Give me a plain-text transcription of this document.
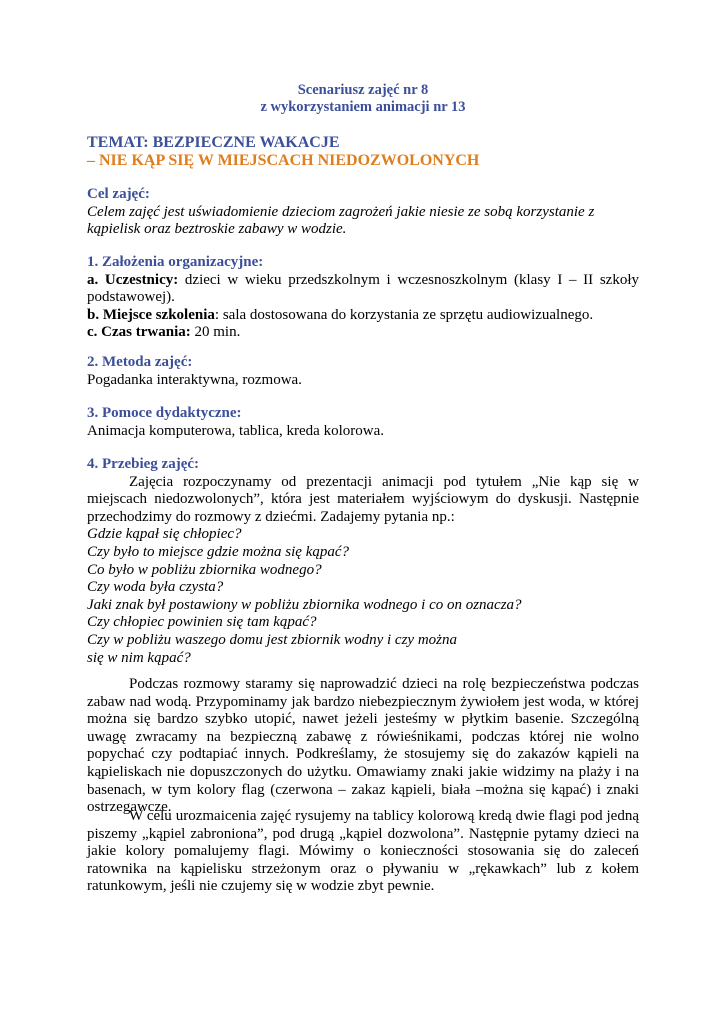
Scenariusz zajęć nr 8

z wykorzystaniem animacji nr 13

TEMAT: BEZPIECZNE WAKACJE

– NIE KĄP SIĘ W MIEJSCACH NIEDOZWOLONYCH

Cel zajęć:

Celem zajęć jest uświadomienie dzieciom zagrożeń jakie niesie ze sobą korzystanie z kąpielisk oraz beztroskie zabawy w wodzie.

1. Założenia organizacyjne:

a. Uczestnicy: dzieci w wieku przedszkolnym i wczesnoszkolnym (klasy I – II szkoły podstawowej).

b. Miejsce szkolenia: sala dostosowana do korzystania ze sprzętu audiowizualnego.

c. Czas trwania: 20 min.

2. Metoda zajęć:

Pogadanka interaktywna, rozmowa.

3. Pomoce dydaktyczne:

Animacja komputerowa, tablica, kreda kolorowa.

4. Przebieg zajęć:

Zajęcia rozpoczynamy od prezentacji animacji pod tytułem „Nie kąp się w miejscach niedozwolonych”, która jest materiałem wyjściowym do dyskusji. Następnie przechodzimy do rozmowy z dziećmi. Zadajemy pytania np.:

Gdzie kąpał się chłopiec?

Czy było to miejsce gdzie można się kąpać?

Co było w pobliżu zbiornika wodnego?

Czy woda była czysta?

Jaki znak był postawiony w pobliżu zbiornika wodnego i co on oznacza?

Czy chłopiec powinien się tam kąpać?

Czy w pobliżu waszego domu jest zbiornik wodny i czy można

się w nim kąpać?

Podczas rozmowy staramy się naprowadzić dzieci na rolę bezpieczeństwa podczas zabaw nad wodą. Przypominamy jak bardzo niebezpiecznym żywiołem jest woda, w której można się bardzo szybko utopić, nawet jeżeli jesteśmy w płytkim basenie. Szczególną uwagę zwracamy na bezpieczną zabawę z rówieśnikami, podczas której nie wolno popychać czy podtapiać innych. Podkreślamy, że stosujemy się do zakazów kąpieli na kąpieliskach nie dopuszczonych do użytku. Omawiamy znaki jakie widzimy na plaży i na basenach, w tym kolory flag (czerwona – zakaz kąpieli, biała –można się kąpać) i znaki ostrzegawcze.

W celu urozmaicenia zajęć rysujemy na tablicy kolorową kredą dwie flagi pod jedną piszemy „kąpiel zabroniona”, pod drugą „kąpiel dozwolona”. Następnie pytamy dzieci na jakie kolory pomalujemy flagi. Mówimy o konieczności stosowania się do zaleceń ratownika na kąpielisku strzeżonym oraz o pływaniu w „rękawkach” lub z kołem ratunkowym, jeśli nie czujemy się w wodzie zbyt pewnie.
